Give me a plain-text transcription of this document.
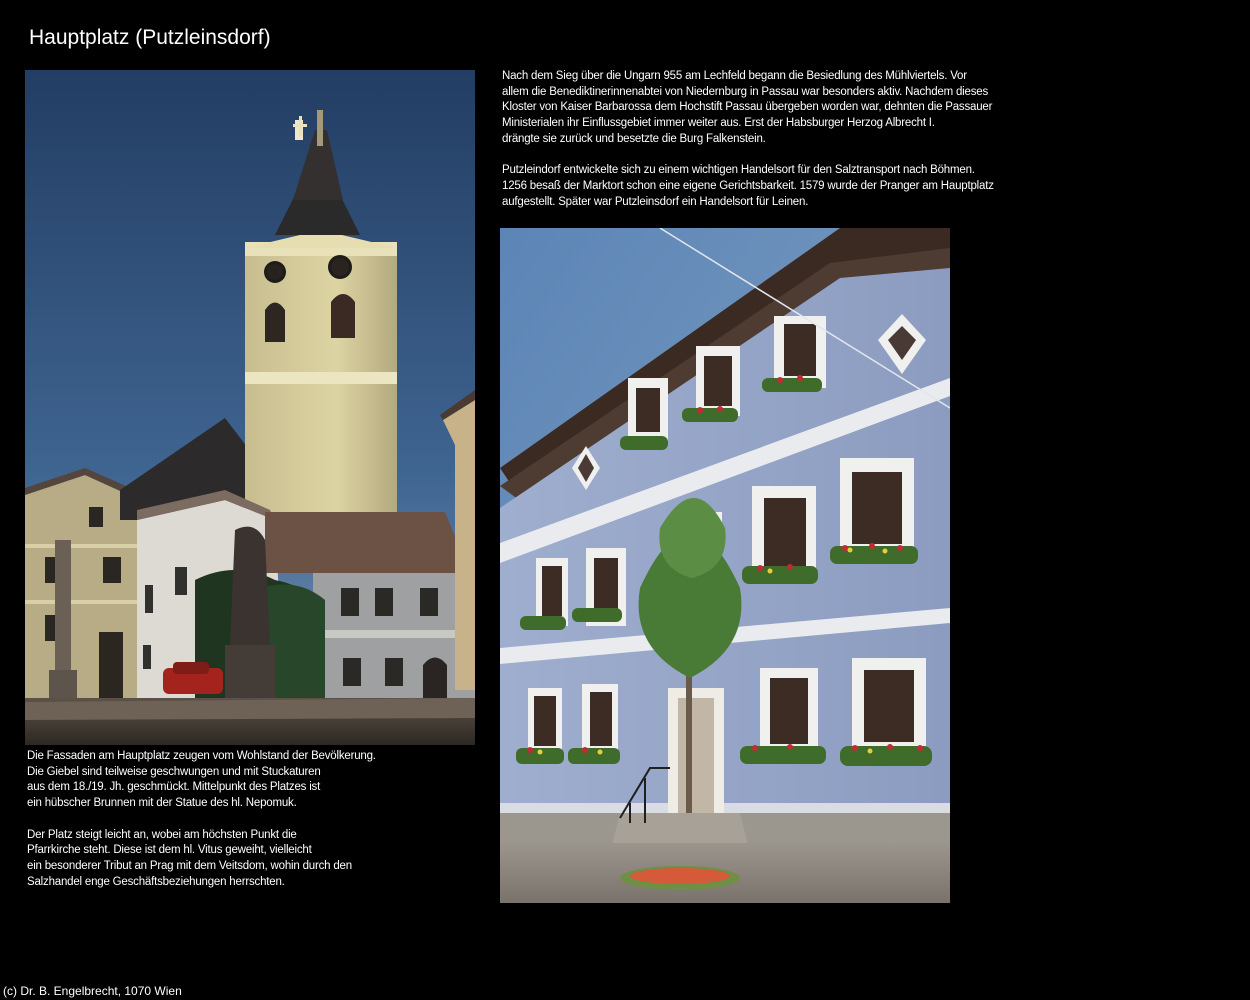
Hauptplatz (Putzleinsdorf)
Nach dem Sieg über die Ungarn 955 am Lechfeld begann die Besiedlung des Mühlviertels. Vor
allem die Benediktinerinnenabtei von Niedernburg in Passau war besonders aktiv. Nachdem dieses
Kloster von Kaiser Barbarossa dem Hochstift Passau übergeben worden war, dehnten die Passauer
Ministerialen ihr Einflussgebiet immer weiter aus. Erst der Habsburger Herzog Albrecht I.
drängte sie zurück und besetzte die Burg Falkenstein.
Putzleindorf entwickelte sich zu einem wichtigen Handelsort für den Salztransport nach Böhmen.
1256 besaß der Marktort schon eine eigene Gerichtsbarkeit. 1579 wurde der Pranger am Hauptplatz
aufgestellt. Später war Putzleinsdorf ein Handelsort für Leinen.
Die Fassaden am Hauptplatz zeugen vom Wohlstand der Bevölkerung.
Die Giebel sind teilweise geschwungen und mit Stuckaturen
aus dem 18./19. Jh. geschmückt. Mittelpunkt des Platzes ist
ein hübscher Brunnen mit der Statue des hl. Nepomuk.
Der Platz steigt leicht an, wobei am höchsten Punkt die
Pfarrkirche steht. Diese ist dem hl. Vitus geweiht, vielleicht
ein besonderer Tribut an Prag mit dem Veitsdom, wohin durch den
Salzhandel enge Geschäftsbeziehungen herrschten.
(c) Dr. B. Engelbrecht, 1070 Wien
